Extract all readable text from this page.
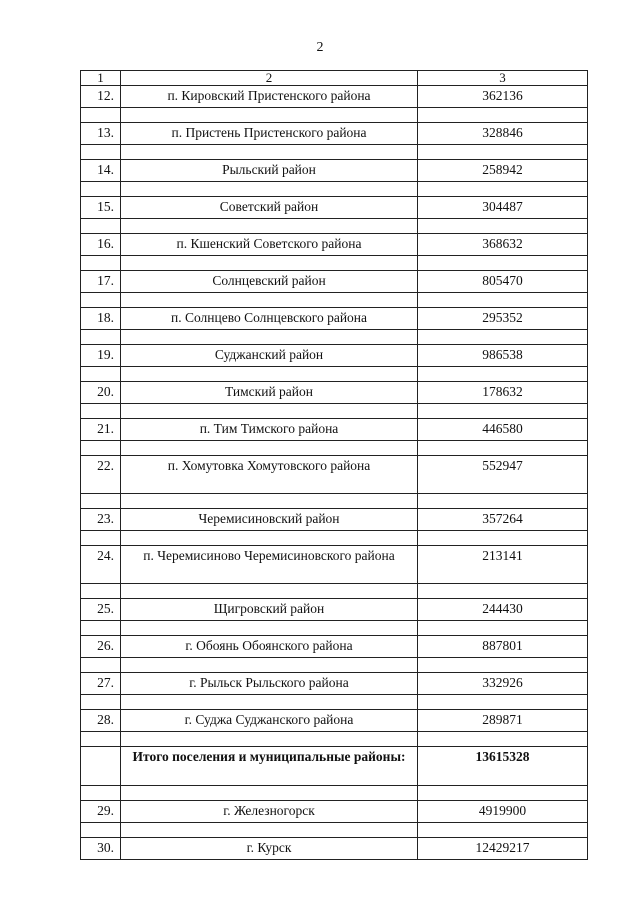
2
1	2	3
12.	п. Кировский Пристенского района	362136

13.	п. Пристень Пристенского района	328846

14.	Рыльский район	258942

15.	Советский район	304487

16.	п. Кшенский Советского района	368632

17.	Солнцевский район	805470

18.	п. Солнцево Солнцевского района	295352

19.	Суджанский район	986538

20.	Тимский район	178632

21.	п. Тим Тимского района	446580

22.	п. Хомутовка Хомутовского района	552947

23.	Черемисиновский район	357264

24.	п. Черемисиново Черемисиновского района	213141

25.	Щигровский район	244430

26.	г. Обоянь Обоянского района	887801

27.	г. Рыльск Рыльского района	332926

28.	г. Суджа Суджанского района	289871

	Итого поселения и муниципальные районы:	13615328

29.	г. Железногорск	4919900

30.	г. Курск	12429217
